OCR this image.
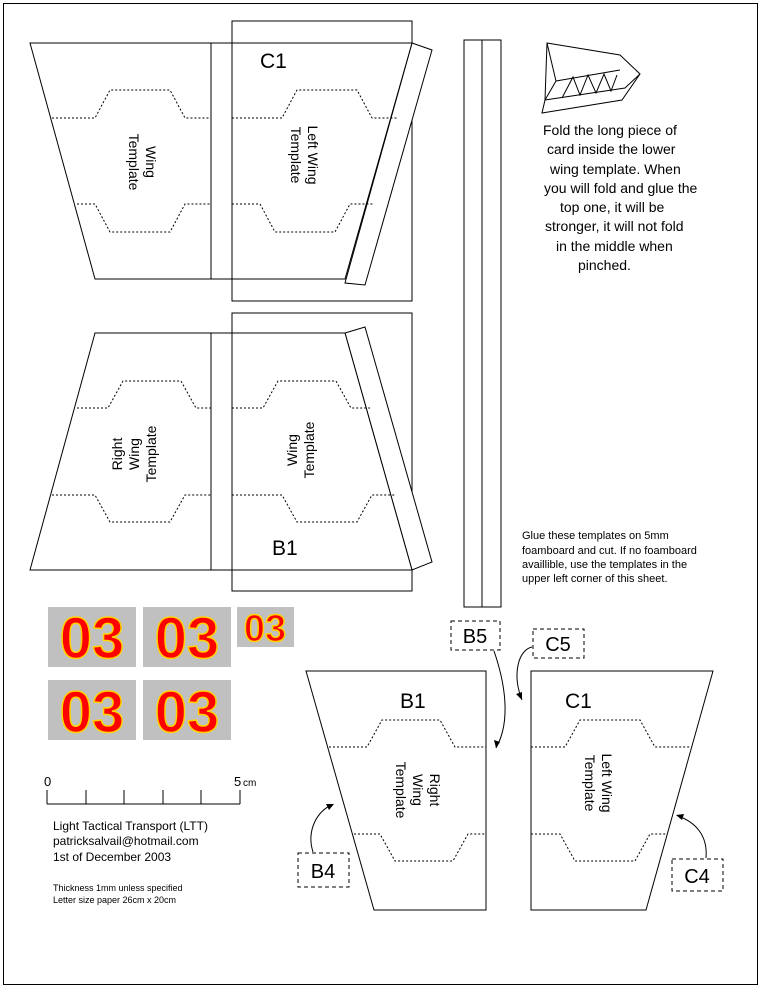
C1
Wing
Template	Left Wing
Template
B1
Right Wing Template	Wing Template
Fold the long piece of
card inside the lower
wing template. When
you will fold and glue the
top one, it will be
stronger, it will not fold
in the middle when
pinched.
Glue these templates on 5mm
foamboard and cut. If no foamboard
availlible, use the templates in the
upper left corner of this sheet.
03 03 03
03 03
0	5 cm
Light Tactical Transport (LTT)
patricksalvail@hotmail.com
1st of December 2003
Thickness 1mm unless specified
Letter size paper 26cm x 20cm
B1
Right
Wing
Template
C1
Left Wing
Template
B5	C5
B4	C4
